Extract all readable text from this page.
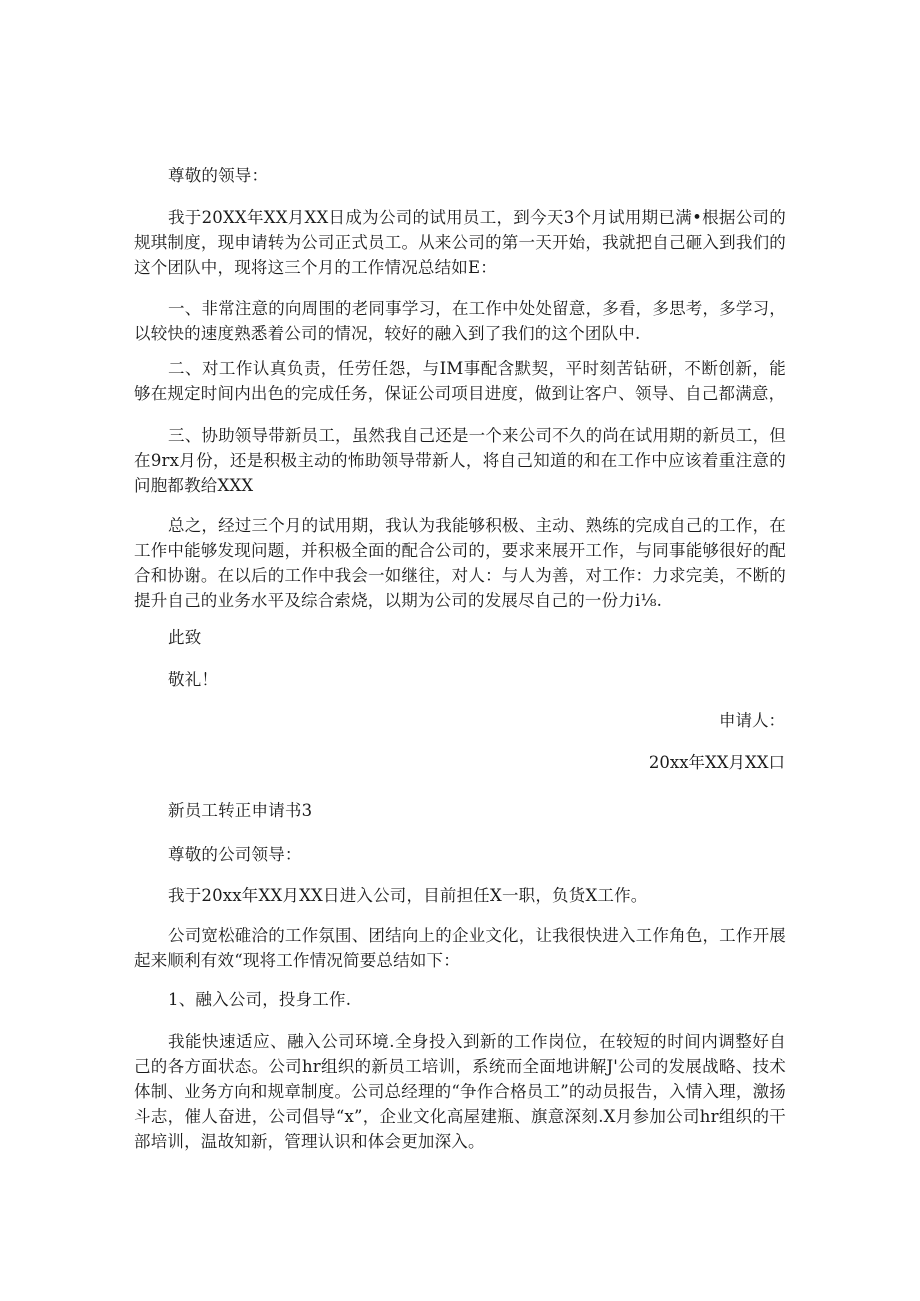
尊敬的领导：

我于20XX年XX月XX日成为公司的试用员工，到今天3个月试用期已满•根据公司的规琪制度，现申请转为公司正式员工。从来公司的第一天开始，我就把自己砸入到我们的这个团队中，现将这三个月的工作情况总结如E：

一、非常注意的向周围的老同事学习，在工作中处处留意，多看，多思考，多学习，以较快的速度熟悉着公司的情况，较好的融入到了我们的这个团队中.

二、对工作认真负责，任劳任怨，与IM事配含默契，平时刻苦钻研，不断创新，能够在规定时间内出色的完成任务，保证公司项目进度，做到让客户、领导、自己都满意，

三、协助领导带新员工，虽然我自己还是一个来公司不久的尚在试用期的新员工，但在9rx月份，还是积极主动的怖助领导带新人，将自己知道的和在工作中应该着重注意的问胞都教给XXX

总之，经过三个月的试用期，我认为我能够积极、主动、熟练的完成自己的工作，在工作中能够发现问题，并积极全面的配合公司的，要求来展开工作，与同事能够很好的配合和协谢。在以后的工作中我会一如继往，对人：与人为善，对工作：力求完美，不断的提升自己的业务水平及综合索烧，以期为公司的发展尽自己的一份力i⅛.

此致

敬礼！

申请人：

20xx年XX月XX口

新员工转正申请书3

尊敬的公司领导：

我于20xx年XX月XX日进入公司，目前担任X一职，负货X工作。

公司宽松碓洽的工作氛围、团结向上的企业文化，让我很快进入工作角色，工作开展起来顺利有效“现将工作情况简要总结如下：

1、融入公司，投身工作.

我能快速适应、融入公司环境.全身投入到新的工作岗位，在较短的时间内调整好自己的各方面状态。公司hr组织的新员工培训，系统而全面地讲解J'公司的发展战略、技术体制、业务方向和规章制度。公司总经理的“争作合格员工”的动员报告，入情入理，激扬斗志，催人奋进，公司倡导“x”，企业文化高屋建瓶、旗意深刻.X月参加公司hr组织的干部培训，温故知新，管理认识和体会更加深入。
